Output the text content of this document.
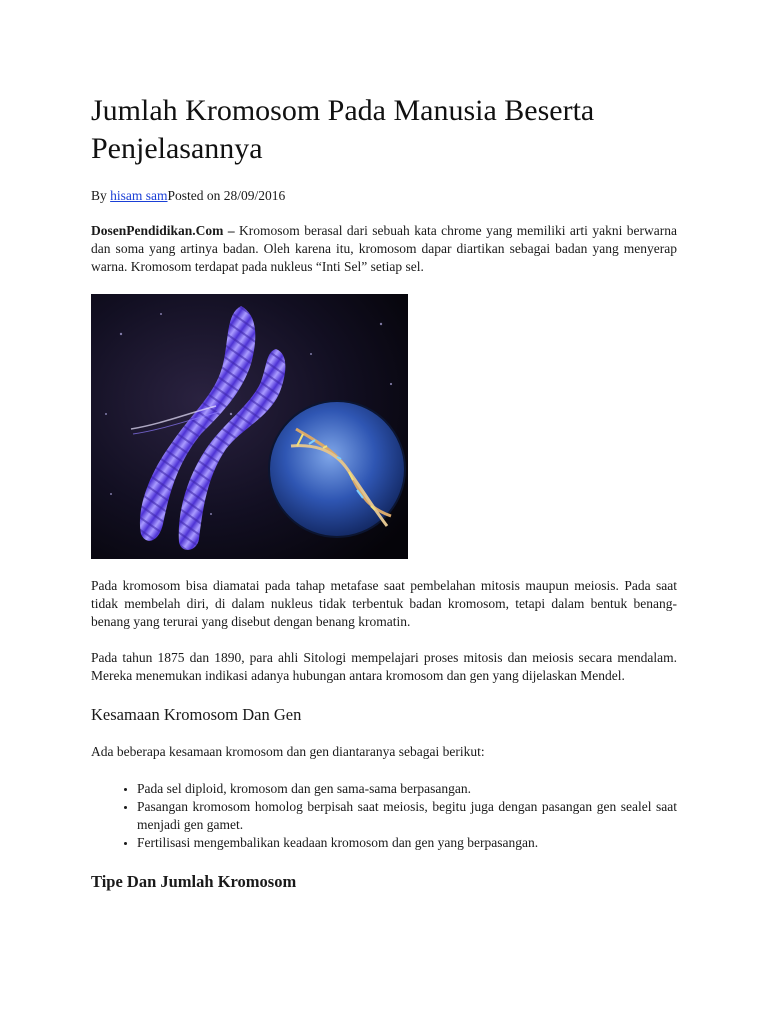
Jumlah Kromosom Pada Manusia Beserta Penjelasannya
By hisam samPosted on 28/09/2016

DosenPendidikan.Com – Kromosom berasal dari sebuah kata chrome yang memiliki arti yakni berwarna dan soma yang artinya badan. Oleh karena itu, kromosom dapar diartikan sebagai badan yang menyerap warna. Kromosom terdapat pada nukleus “Inti Sel” setiap sel.

Pada kromosom bisa diamatai pada tahap metafase saat pembelahan mitosis maupun meiosis. Pada saat tidak membelah diri, di dalam nukleus tidak terbentuk badan kromosom, tetapi dalam bentuk benang-benang yang terurai yang disebut dengan benang kromatin.

Pada tahun 1875 dan 1890, para ahli Sitologi mempelajari proses mitosis dan meiosis secara mendalam. Mereka menemukan indikasi adanya hubungan antara kromosom dan gen yang dijelaskan Mendel.

Kesamaan Kromosom Dan Gen

Ada beberapa kesamaan kromosom dan gen diantaranya sebagai berikut:

• Pada sel diploid, kromosom dan gen sama-sama berpasangan.
• Pasangan kromosom homolog berpisah saat meiosis, begitu juga dengan pasangan gen sealel saat menjadi gen gamet.
• Fertilisasi mengembalikan keadaan kromosom dan gen yang berpasangan.
Tipe Dan Jumlah Kromosom
